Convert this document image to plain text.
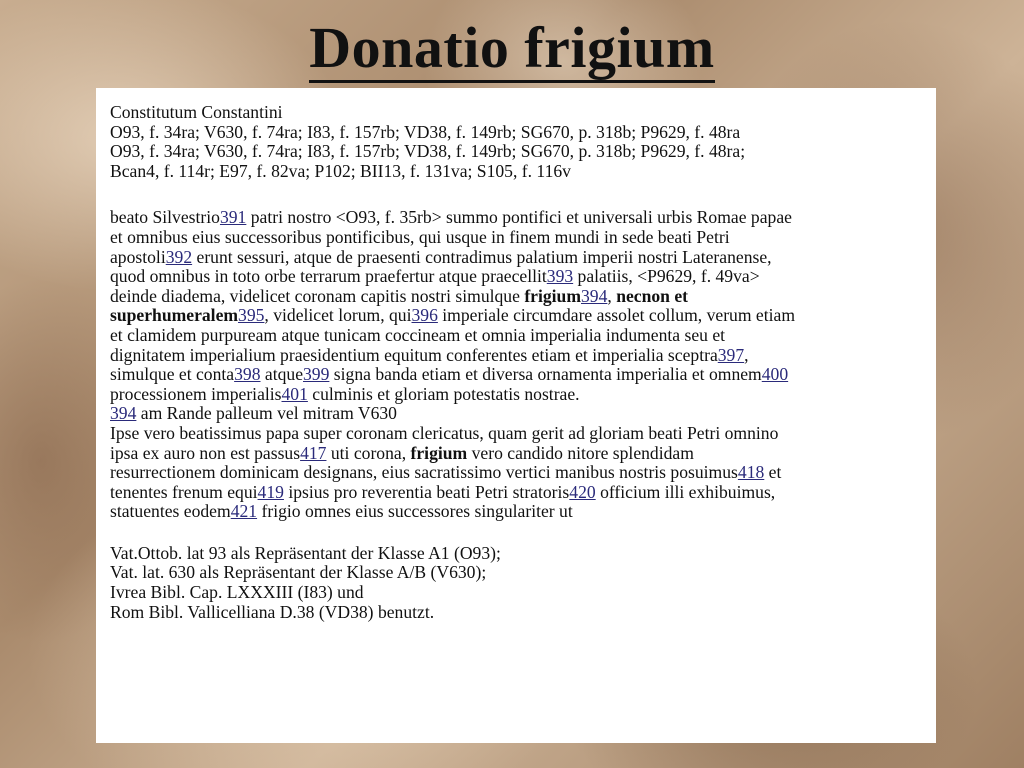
Donatio frigium
Constitutum Constantini
O93, f. 34ra; V630, f. 74ra; I83, f. 157rb; VD38, f. 149rb; SG670, p. 318b; P9629, f. 48ra
O93, f. 34ra; V630, f. 74ra; I83, f. 157rb; VD38, f. 149rb; SG670, p. 318b; P9629, f. 48ra;
Bcan4, f. 114r; E97, f. 82va; P102; BII13, f. 131va; S105, f. 116v
beato Silvestrio391 patri nostro <O93, f. 35rb> summo pontifici et universali urbis Romae papae
et omnibus eius successoribus pontificibus, qui usque in finem mundi in sede beati Petri
apostoli392 erunt sessuri, atque de praesenti contradimus palatium imperii nostri Lateranense,
quod omnibus in toto orbe terrarum praefertur atque praecellit393 palatiis, <P9629, f. 49va>
deinde diadema, videlicet coronam capitis nostri simulque frigium394, necnon et
superhumeralem395, videlicet lorum, qui396 imperiale circumdare assolet collum, verum etiam
et clamidem purpuream atque tunicam coccineam et omnia imperialia indumenta seu et
dignitatem imperialium praesidentium equitum conferentes etiam et imperialia sceptra397,
simulque et conta398 atque399 signa banda etiam et diversa ornamenta imperialia et omnem400
processionem imperialis401 culminis et gloriam potestatis nostrae.
394 am Rande palleum vel mitram V630
Ipse vero beatissimus papa super coronam clericatus, quam gerit ad gloriam beati Petri omnino
ipsa ex auro non est passus417 uti corona, frigium vero candido nitore splendidam
resurrectionem dominicam designans, eius sacratissimo vertici manibus nostris posuimus418 et
tenentes frenum equi419 ipsius pro reverentia beati Petri stratoris420 officium illi exhibuimus,
statuentes eodem421 frigio omnes eius successores singulariter ut
Vat.Ottob. lat 93 als Repräsentant der Klasse A1 (O93);
Vat. lat. 630 als Repräsentant der Klasse A/B (V630);
Ivrea Bibl. Cap. LXXXIII (I83) und
Rom Bibl. Vallicelliana D.38 (VD38) benutzt.
